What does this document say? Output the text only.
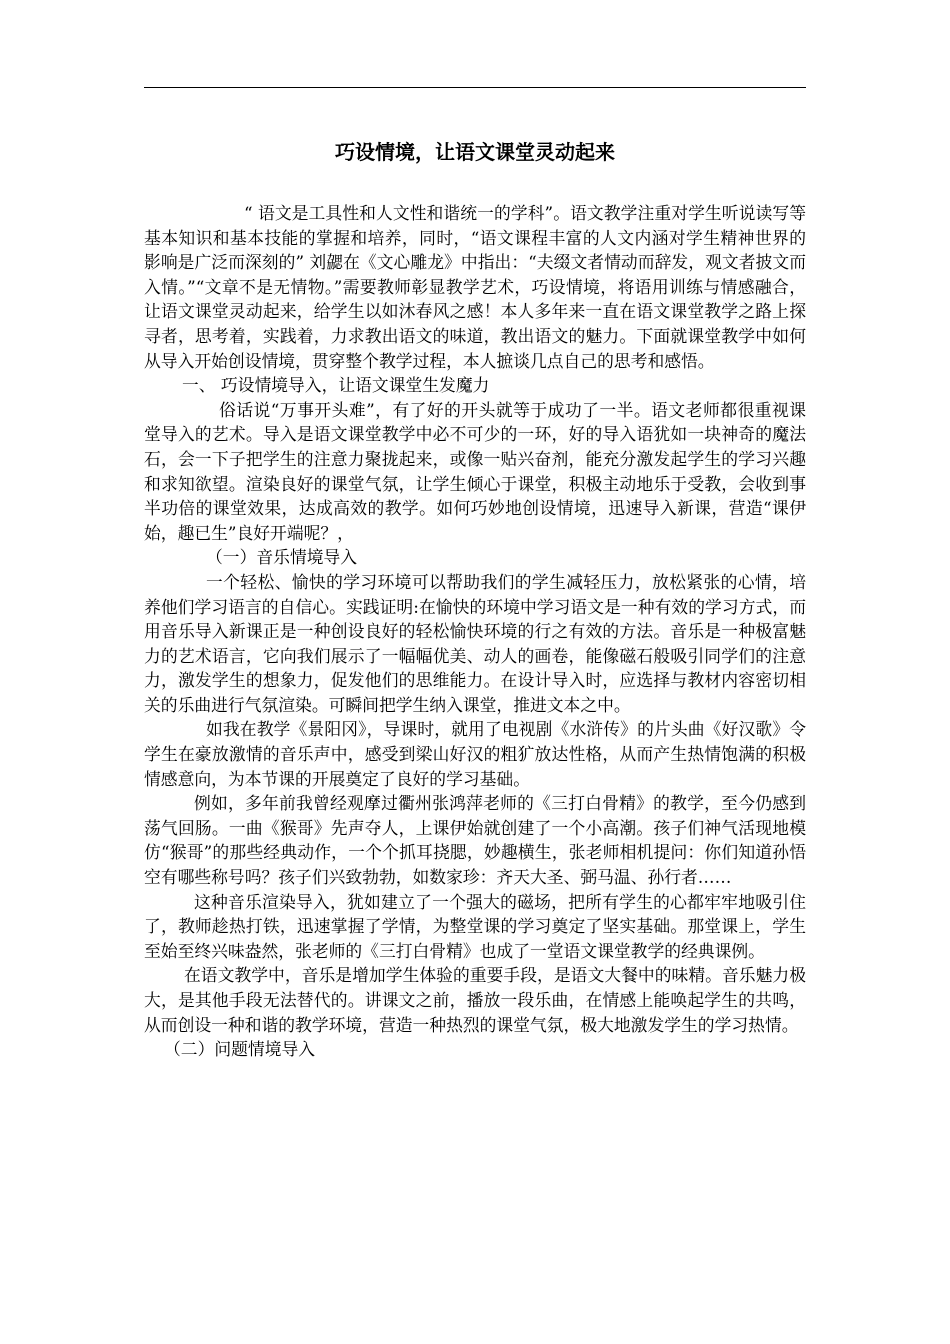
巧设情境，让语文课堂灵动起来

“ 语文是工具性和人文性和谐统一的学科”。语文教学注重对学生听说读写等基本知识和基本技能的掌握和培养，同时，“语文课程丰富的人文内涵对学生精神世界的影响是广泛而深刻的” 刘勰在《文心雕龙》中指出：“夫缀文者情动而辞发，观文者披文而入情。”“文章不是无情物。”需要教师彰显教学艺术，巧设情境，将语用训练与情感融合，让语文课堂灵动起来，给学生以如沐春风之感！本人多年来一直在语文课堂教学之路上探寻者，思考着，实践着，力求教出语文的味道，教出语文的魅力。下面就课堂教学中如何从导入开始创设情境，贯穿整个教学过程，本人摭谈几点自己的思考和感悟。

一、 巧设情境导入，让语文课堂生发魔力

俗话说“万事开头难”，有了好的开头就等于成功了一半。语文老师都很重视课堂导入的艺术。导入是语文课堂教学中必不可少的一环，好的导入语犹如一块神奇的魔法石，会一下子把学生的注意力聚拢起来，或像一贴兴奋剂，能充分激发起学生的学习兴趣和求知欲望。渲染良好的课堂气氛，让学生倾心于课堂，积极主动地乐于受教，会收到事半功倍的课堂效果，达成高效的教学。如何巧妙地创设情境，迅速导入新课，营造“课伊始，趣已生”良好开端呢？，

（一）音乐情境导入

一个轻松、愉快的学习环境可以帮助我们的学生减轻压力，放松紧张的心情，培养他们学习语言的自信心。实践证明:在愉快的环境中学习语文是一种有效的学习方式，而用音乐导入新课正是一种创设良好的轻松愉快环境的行之有效的方法。音乐是一种极富魅力的艺术语言，它向我们展示了一幅幅优美、动人的画卷，能像磁石般吸引同学们的注意力，激发学生的想象力，促发他们的思维能力。在设计导入时，应选择与教材内容密切相关的乐曲进行气氛渲染。可瞬间把学生纳入课堂，推进文本之中。

如我在教学《景阳冈》，导课时，就用了电视剧《水浒传》的片头曲《好汉歌》令学生在豪放激情的音乐声中，感受到梁山好汉的粗犷放达性格，从而产生热情饱满的积极情感意向，为本节课的开展奠定了良好的学习基础。

例如，多年前我曾经观摩过衢州张鸿萍老师的《三打白骨精》的教学，至今仍感到荡气回肠。一曲《猴哥》先声夺人，上课伊始就创建了一个小高潮。孩子们神气活现地模仿“猴哥”的那些经典动作，一个个抓耳挠腮，妙趣横生，张老师相机提问：你们知道孙悟空有哪些称号吗？孩子们兴致勃勃，如数家珍：齐天大圣、弼马温、孙行者……

这种音乐渲染导入，犹如建立了一个强大的磁场，把所有学生的心都牢牢地吸引住了，教师趁热打铁，迅速掌握了学情，为整堂课的学习奠定了坚实基础。那堂课上，学生至始至终兴味盎然，张老师的《三打白骨精》也成了一堂语文课堂教学的经典课例。

在语文教学中，音乐是增加学生体验的重要手段，是语文大餐中的味精。音乐魅力极大，是其他手段无法替代的。讲课文之前，播放一段乐曲，在情感上能唤起学生的共鸣，从而创设一种和谐的教学环境，营造一种热烈的课堂气氛，极大地激发学生的学习热情。

（二）问题情境导入
